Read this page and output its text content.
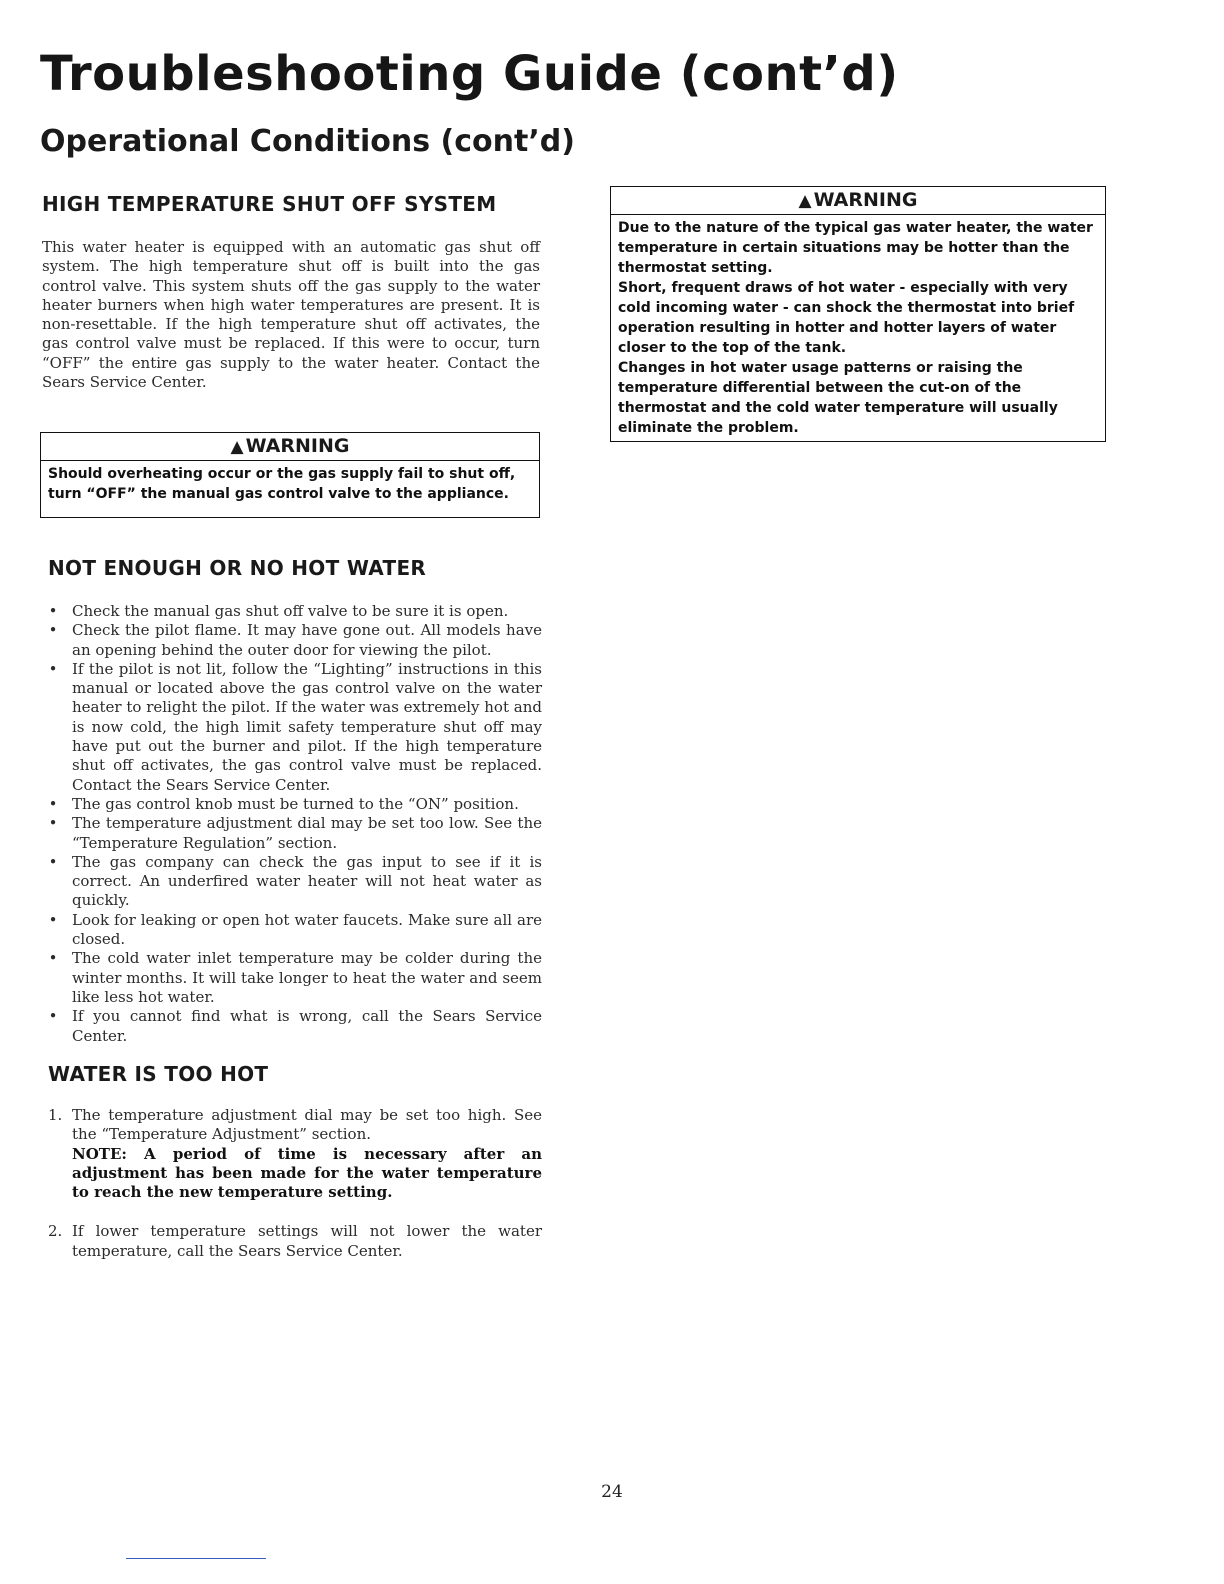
Troubleshooting Guide (cont’d)
Operational Conditions (cont’d)
HIGH TEMPERATURE SHUT OFF SYSTEM

This water heater is equipped with an automatic gas shut off system. The high temperature shut off is built into the gas control valve. This system shuts off the gas supply to the water heater burners when high water temperatures are present. It is non-resettable. If the high temperature shut off activates, the gas control valve must be replaced. If this were to occur, turn “OFF” the entire gas supply to the water heater. Contact the Sears Service Center.

▲ WARNING
Should overheating occur or the gas supply fail to shut off, turn “OFF” the manual gas control valve to the appliance.
▲ WARNING

Due to the nature of the typical gas water heater, the water temperature in certain situations may be hotter than the thermostat setting.

Short, frequent draws of hot water - especially with very cold incoming water - can shock the thermostat into brief operation resulting in hotter and hotter layers of water closer to the top of the tank.

Changes in hot water usage patterns or raising the temperature differential between the cut-on of the thermostat and the cold water temperature will usually eliminate the problem.

NOT ENOUGH OR NO HOT WATER
• Check the manual gas shut off valve to be sure it is open.
• Check the pilot flame. It may have gone out. All models have an opening behind the outer door for viewing the pilot.
• If the pilot is not lit, follow the “Lighting” instructions in this manual or located above the gas control valve on the water heater to relight the pilot. If the water was extremely hot and is now cold, the high limit safety temperature shut off may have put out the burner and pilot. If the high temperature shut off activates, the gas control valve must be replaced. Contact the Sears Service Center.
• The gas control knob must be turned to the “ON” position.
• The temperature adjustment dial may be set too low. See the “Temperature Regulation” section.
• The gas company can check the gas input to see if it is correct. An underfired water heater will not heat water as quickly.
• Look for leaking or open hot water faucets. Make sure all are closed.
• The cold water inlet temperature may be colder during the winter months. It will take longer to heat the water and seem like less hot water.
• If you cannot find what is wrong, call the Sears Service Center.
WATER IS TOO HOT
1. The temperature adjustment dial may be set too high. See the “Temperature Adjustment” section.
NOTE: A period of time is necessary after an adjustment has been made for the water temperature to reach the new temperature setting.
2. If lower temperature settings will not lower the water temperature, call the Sears Service Center.
24
